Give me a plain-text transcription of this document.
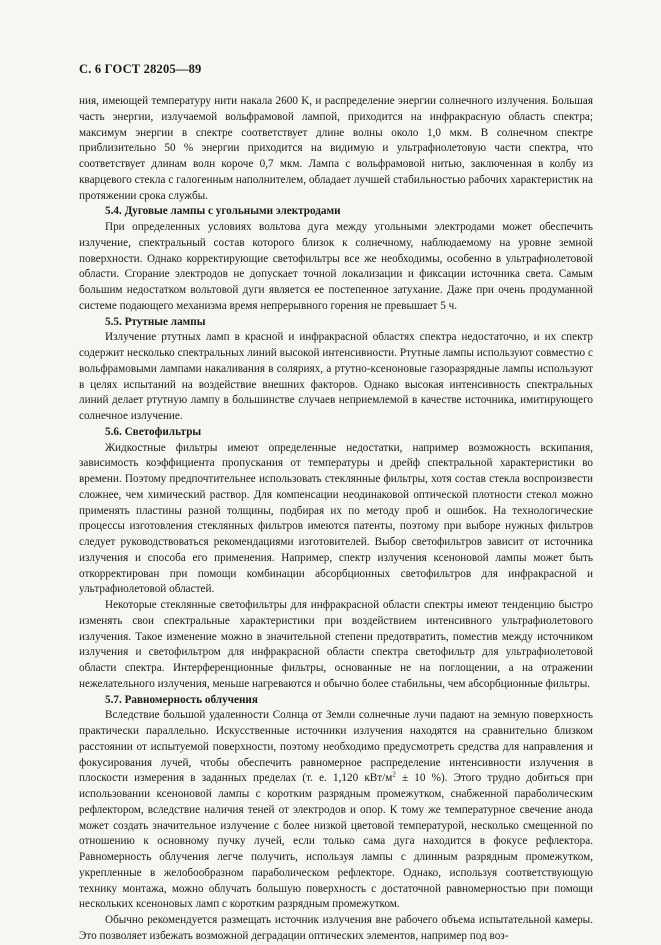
С. 6 ГОСТ 28205—89

ния, имеющей температуру нити накала 2600 K, и распределение энергии солнечного излучения. Большая часть энергии, излучаемой вольфрамовой лампой, приходится на инфракрасную область спектра; максимум энергии в спектре соответствует длине волны около 1,0 мкм. В солнечном спектре приблизительно 50 % энергии приходится на видимую и ультрафиолетовую части спектра, что соответствует длинам волн короче 0,7 мкм. Лампа с вольфрамовой нитью, заключенная в колбу из кварцевого стекла с галогенным наполнителем, обладает лучшей стабильностью рабочих характеристик на протяжении срока службы.

5.4. Дуговые лампы с угольными электродами

При определенных условиях вольтова дуга между угольными электродами может обеспечить излучение, спектральный состав которого близок к солнечному, наблюдаемому на уровне земной поверхности. Однако корректирующие светофильтры все же необходимы, особенно в ультрафиолетовой области. Сгорание электродов не допускает точной локализации и фиксации источника света. Самым большим недостатком вольтовой дуги является ее постепенное затухание. Даже при очень продуманной системе подающего механизма время непрерывного горения не превышает 5 ч.

5.5. Ртутные лампы

Излучение ртутных ламп в красной и инфракрасной областях спектра недостаточно, и их спектр содержит несколько спектральных линий высокой интенсивности. Ртутные лампы используют совместно с вольфрамовыми лампами накаливания в соляриях, а ртутно-ксеноновые газоразрядные лампы используют в целях испытаний на воздействие внешних факторов. Однако высокая интенсивность спектральных линий делает ртутную лампу в большинстве случаев неприемлемой в качестве источника, имитирующего солнечное излучение.

5.6. Светофильтры

Жидкостные фильтры имеют определенные недостатки, например возможность вскипания, зависимость коэффициента пропускания от температуры и дрейф спектральной характеристики во времени. Поэтому предпочтительнее использовать стеклянные фильтры, хотя состав стекла воспроизвести сложнее, чем химический раствор. Для компенсации неодинаковой оптической плотности стекол можно применять пластины разной толщины, подбирая их по методу проб и ошибок. На технологические процессы изготовления стеклянных фильтров имеются патенты, поэтому при выборе нужных фильтров следует руководствоваться рекомендациями изготовителей. Выбор светофильтров зависит от источника излучения и способа его применения. Например, спектр излучения ксеноновой лампы может быть откорректирован при помощи комбинации абсорбционных светофильтров для инфракрасной и ультрафиолетовой областей.

Некоторые стеклянные светофильтры для инфракрасной области спектры имеют тенденцию быстро изменять свои спектральные характеристики при воздействием интенсивного ультрафиолетового излучения. Такое изменение можно в значительной степени предотвратить, поместив между источником излучения и светофильтром для инфракрасной области спектра светофильтр для ультрафиолетовой области спектра. Интерференционные фильтры, основанные не на поглощении, а на отражении нежелательного излучения, меньше нагреваются и обычно более стабильны, чем абсорбционные фильтры.

5.7. Равномерность облучения

Вследствие большой удаленности Солнца от Земли солнечные лучи падают на земную поверхность практически параллельно. Искусственные источники излучения находятся на сравнительно близком расстоянии от испытуемой поверхности, поэтому необходимо предусмотреть средства для направления и фокусирования лучей, чтобы обеспечить равномерное распределение интенсивности излучения в плоскости измерения в заданных пределах (т. е. 1,120 кВт/$м^2 \pm 10$ %). Этого трудно добиться при использовании ксеноновой лампы с коротким разрядным промежутком, снабженной параболическим рефлектором, вследствие наличия теней от электродов и опор. К тому же температурное свечение анода может создать значительное излучение с более низкой цветовой температурой, несколько смещенной по отношению к основному пучку лучей, если только сама дуга находится в фокусе рефлектора. Равномерность облучения легче получить, используя лампы с длинным разрядным промежутком, укрепленные в желобообразном параболическом рефлекторе. Однако, используя соответствующую технику монтажа, можно облучать большую поверхность с достаточной равномерностью при помощи нескольких ксеноновых ламп с коротким разрядным промежутком.

Обычно рекомендуется размещать источник излучения вне рабочего объема испытательной камеры. Это позволяет избежать возможной деградации оптических элементов, например под воз-
